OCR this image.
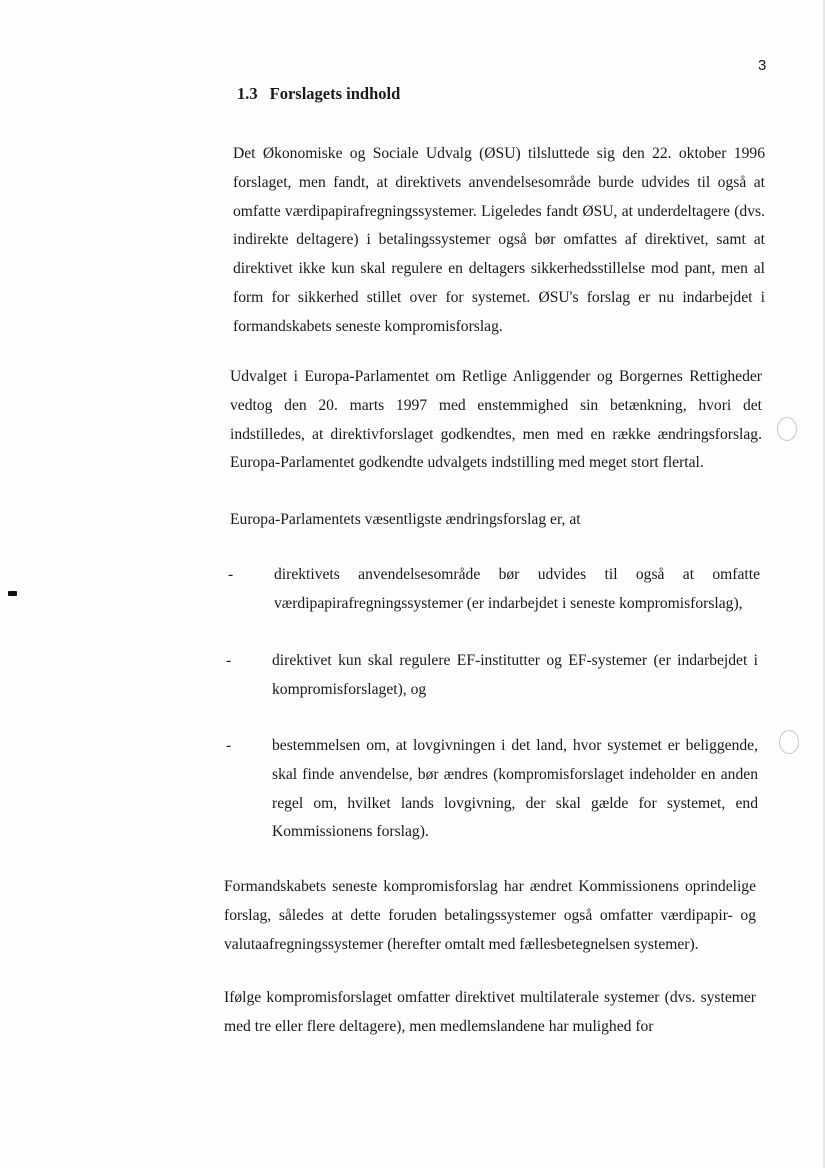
3
1.3 Forslagets indhold

Det Økonomiske og Sociale Udvalg (ØSU) tilsluttede sig den 22. oktober 1996 forslaget, men fandt, at direktivets anvendelsesområde burde udvides til også at omfatte værdipapirafregningssystemer. Ligeledes fandt ØSU, at underdeltagere (dvs. indirekte deltagere) i betalingssystemer også bør omfattes af direktivet, samt at direktivet ikke kun skal regulere en deltagers sikkerhedsstillelse mod pant, men al form for sikkerhed stillet over for systemet. ØSU's forslag er nu indarbejdet i formandskabets seneste kompromisforslag.

Udvalget i Europa-Parlamentet om Retlige Anliggender og Borgernes Rettigheder vedtog den 20. marts 1997 med enstemmighed sin betænkning, hvori det indstilledes, at direktivforslaget godkendtes, men med en række ændringsforslag. Europa-Parlamentet godkendte udvalgets indstilling med meget stort flertal.

Europa-Parlamentets væsentligste ændringsforslag er, at

-	direktivets anvendelsesområde bør udvides til også at omfatte værdipapirafregningssystemer (er indarbejdet i seneste kompromisforslag),
-	direktivet kun skal regulere EF-institutter og EF-systemer (er indarbejdet i kompromisforslaget), og
-	bestemmelsen om, at lovgivningen i det land, hvor systemet er beliggende, skal finde anvendelse, bør ændres (kompromisforslaget indeholder en anden regel om, hvilket lands lovgivning, der skal gælde for systemet, end Kommissionens forslag).

Formandskabets seneste kompromisforslag har ændret Kommissionens oprindelige forslag, således at dette foruden betalingssystemer også omfatter værdipapir- og valutaafregningssystemer (herefter omtalt med fællesbetegnelsen systemer).

Ifølge kompromisforslaget omfatter direktivet multilaterale systemer (dvs. systemer med tre eller flere deltagere), men medlemslandene har mulighed for
